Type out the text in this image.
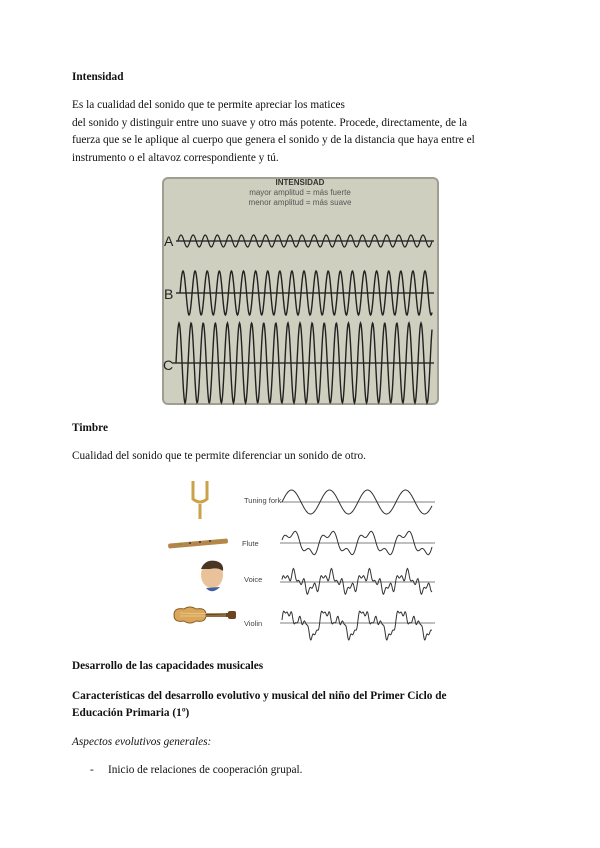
Intensidad
Es la cualidad del sonido que te permite apreciar los matices
del sonido y distinguir entre uno suave y otro más potente. Procede, directamente, de la
fuerza que se le aplique al cuerpo que genera el sonido y de la distancia que haya entre el
instrumento o el altavoz correspondiente y tú.
INTENSIDAD
mayor amplitud = más fuerte
menor amplitud = más suave
A
B
C
Timbre
Cualidad del sonido que te permite diferenciar un sonido de otro.
Tuning fork
Flute
Voice
Violin
Desarrollo de las capacidades musicales
Características del desarrollo evolutivo y musical del niño del Primer Ciclo de
Educación Primaria (1º)
Aspectos evolutivos generales:
- Inicio de relaciones de cooperación grupal.
